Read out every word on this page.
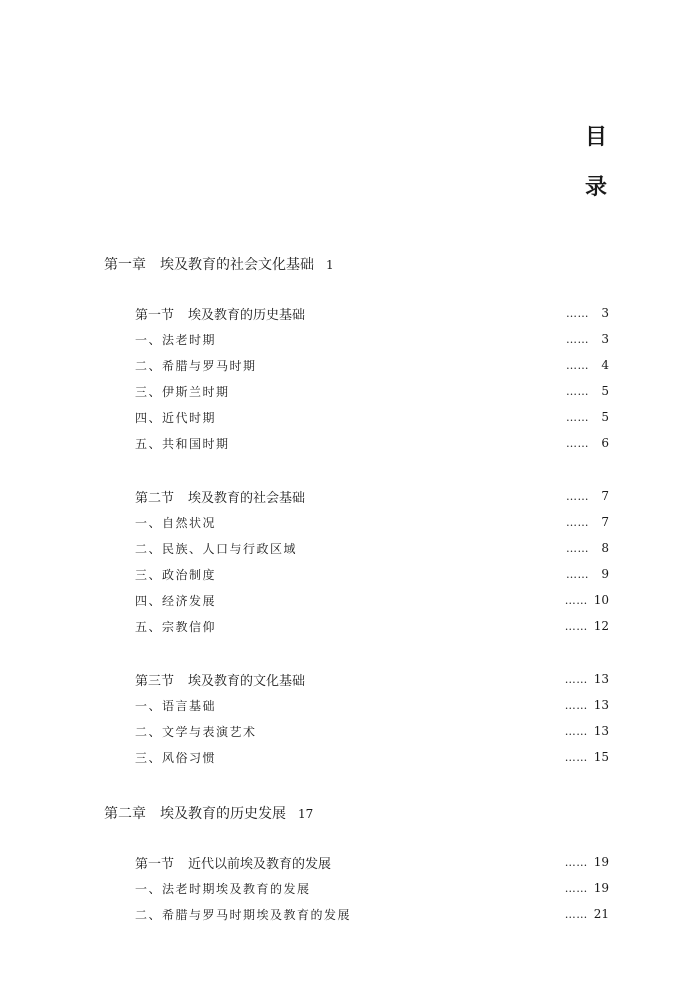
目
录
第一章 埃及教育的社会文化基础 1
第一节 埃及教育的历史基础	……	3
一、法老时期	……	3
二、希腊与罗马时期	……	4
三、伊斯兰时期	……	5
四、近代时期	……	5
五、共和国时期	……	6
第二节 埃及教育的社会基础	……	7
一、自然状况	……	7
二、民族、人口与行政区域	……	8
三、政治制度	……	9
四、经济发展	…… 10
五、宗教信仰	…… 12
第三节 埃及教育的文化基础	…… 13
一、语言基础	…… 13
二、文学与表演艺术	…… 13
三、风俗习惯	…… 15
第二章 埃及教育的历史发展 17
第一节 近代以前埃及教育的发展	…… 19
一、法老时期埃及教育的发展	…… 19
二、希腊与罗马时期埃及教育的发展	…… 21
